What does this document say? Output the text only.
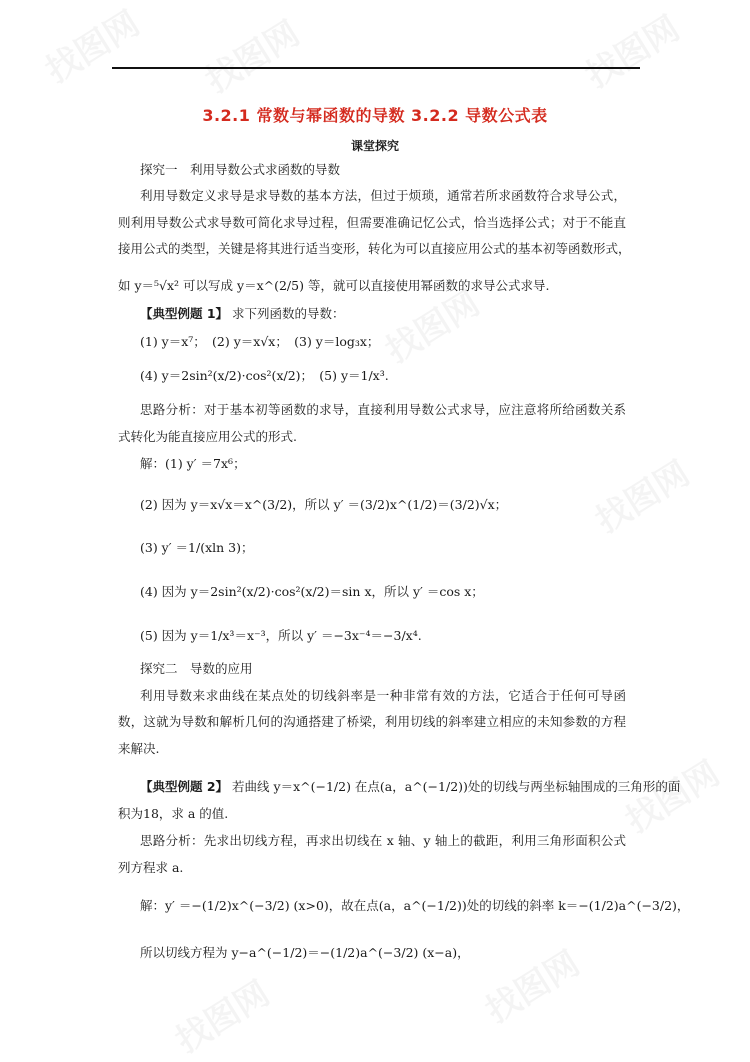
3.2.1 常数与幂函数的导数 3.2.2 导数公式表
课堂探究
探究一　利用导数公式求函数的导数
利用导数定义求导是求导数的基本方法，但过于烦琐，通常若所求函数符合求导公式，
则利用导数公式求导数可简化求导过程，但需要准确记忆公式，恰当选择公式；对于不能直
接用公式的类型，关键是将其进行适当变形，转化为可以直接应用公式的基本初等函数形式，
如 y＝⁵√x² 可以写成 y＝x^(2/5) 等，就可以直接使用幂函数的求导公式求导.
【典型例题 1】 求下列函数的导数：
(1) y＝x⁷；　(2) y＝x√x；　(3) y＝log₃x；
(4) y＝2sin²(x/2)·cos²(x/2)；　(5) y＝1/x³.
思路分析：对于基本初等函数的求导，直接利用导数公式求导，应注意将所给函数关系
式转化为能直接应用公式的形式.
解：(1) y′ ＝7x⁶；
(2) 因为 y＝x√x＝x^(3/2)，所以 y′ ＝(3/2)x^(1/2)＝(3/2)√x；
(3) y′ ＝1/(xln 3)；
(4) 因为 y＝2sin²(x/2)·cos²(x/2)＝sin x，所以 y′ ＝cos x；
(5) 因为 y＝1/x³＝x⁻³，所以 y′ ＝−3x⁻⁴＝−3/x⁴.
探究二　导数的应用
利用导数来求曲线在某点处的切线斜率是一种非常有效的方法，它适合于任何可导函
数，这就为导数和解析几何的沟通搭建了桥梁，利用切线的斜率建立相应的未知参数的方程
来解决.
【典型例题 2】 若曲线 y＝x^(−1/2) 在点(a，a^(−1/2))处的切线与两坐标轴围成的三角形的面
积为18，求 a 的值.
思路分析：先求出切线方程，再求出切线在 x 轴、y 轴上的截距，利用三角形面积公式
列方程求 a.
解：y′ ＝−(1/2)x^(−3/2) (x>0)，故在点(a，a^(−1/2))处的切线的斜率 k＝−(1/2)a^(−3/2)，
所以切线方程为 y−a^(−1/2)＝−(1/2)a^(−3/2) (x−a)，
